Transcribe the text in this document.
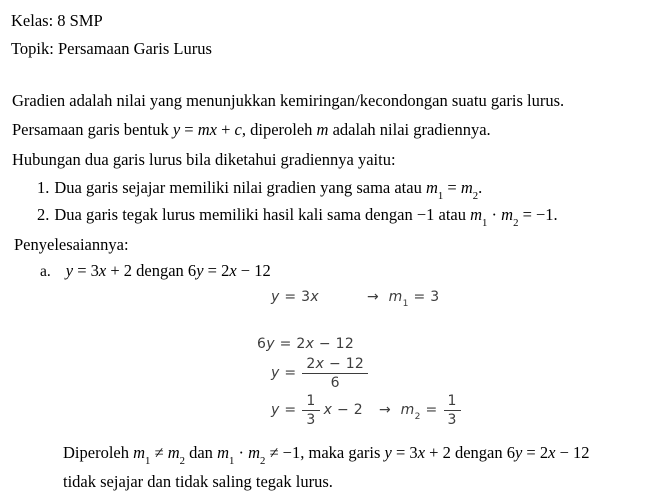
Kelas: 8 SMP
Topik: Persamaan Garis Lurus
Gradien adalah nilai yang menunjukkan kemiringan/kecondongan suatu garis lurus.
Persamaan garis bentuk y = mx + c, diperoleh m adalah nilai gradiennya.
Hubungan dua garis lurus bila diketahui gradiennya yaitu:
1. Dua garis sejajar memiliki nilai gradien yang sama atau $m_1 = m_2$.
2. Dua garis tegak lurus memiliki hasil kali sama dengan −1 atau $m_1 \cdot m_2 = -1$.
Penyelesaiannya:
a. y = 3x + 2 dengan 6y = 2x − 12
y = 3x	→ $m_1 = 3$
6y = 2x − 12
$y = \frac{2x - 12}{6}$
$y = \frac{1}{3}$ $x - 2 \to m_2 = \frac{1}{3}$
Diperoleh $m_1 \ne m_2$ dan $m_1 \cdot m_2 \ne -1$, maka garis y = 3x + 2 dengan 6y = 2x − 12
tidak sejajar dan tidak saling tegak lurus.
